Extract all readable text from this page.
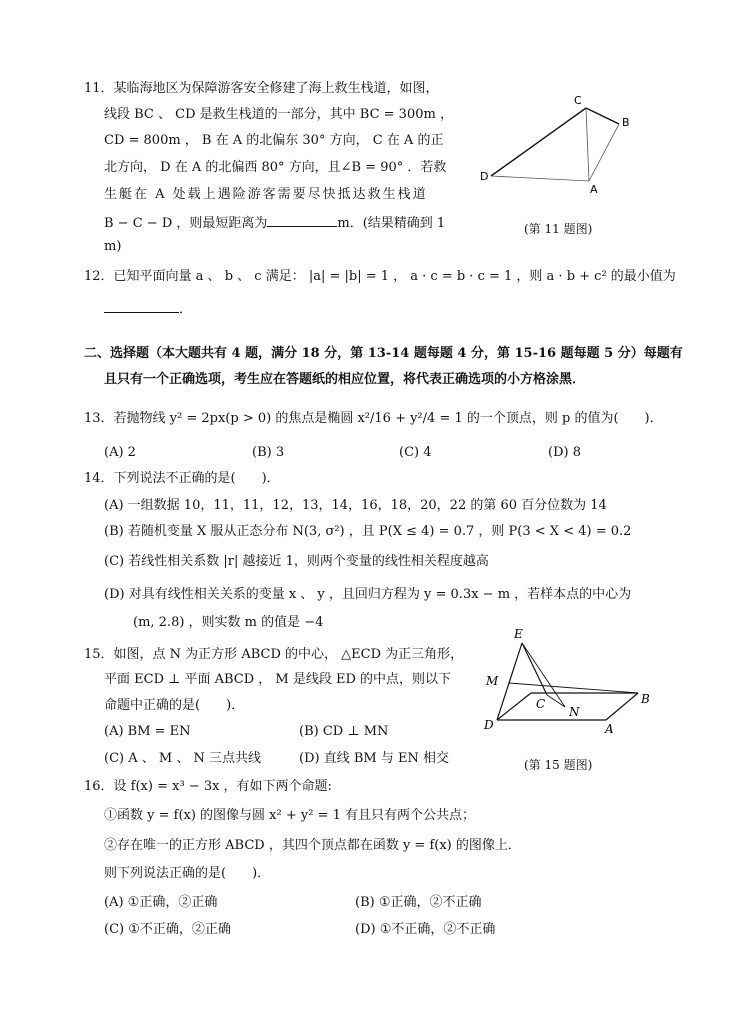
11．某临海地区为保障游客安全修建了海上救生栈道，如图，
线段 BC 、 CD 是救生栈道的一部分，其中 BC = 300m ，
CD = 800m ， B 在 A 的北偏东 30° 方向， C 在 A 的正
北方向， D 在 A 的北偏西 80° 方向，且∠B = 90° ．若救
生艇在 A 处载上遇险游客需要尽快抵达救生栈道
B − C − D ，则最短距离为	m．(结果精确到 1
m)
C
B
D
A
(第 11 题图)
12．已知平面向量 a 、 b 、 c 满足： |a| = |b| = 1 ， a · c = b · c = 1 ，则 a · b + c² 的最小值为
．
二、选择题（本大题共有 4 题，满分 18 分，第 13-14 题每题 4 分，第 15-16 题每题 5 分）每题有
且只有一个正确选项，考生应在答题纸的相应位置，将代表正确选项的小方格涂黑．
13．若抛物线 y² = 2px(p > 0) 的焦点是椭圆 x²/16 + y²/4 = 1 的一个顶点，则 p 的值为(　　)．
(A) 2	(B) 3	(C) 4	(D) 8
14．下列说法不正确的是(　　)．
(A) 一组数据 10，11，11，12，13，14，16，18，20，22 的第 60 百分位数为 14
(B) 若随机变量 X 服从正态分布 N(3, σ²) ，且 P(X ≤ 4) = 0.7 ，则 P(3 < X < 4) = 0.2
(C) 若线性相关系数 |r| 越接近 1，则两个变量的线性相关程度越高
(D) 对具有线性相关关系的变量 x 、 y ，且回归方程为 y = 0.3x − m ，若样本点的中心为
(m, 2.8) ，则实数 m 的值是 −4
15．如图，点 N 为正方形 ABCD 的中心， △ECD 为正三角形，
平面 ECD ⊥ 平面 ABCD ， M 是线段 ED 的中点，则以下
命题中正确的是(　　)．
(A) BM = EN	(B) CD ⊥ MN
(C) A 、 M 、 N 三点共线	(D) 直线 BM 与 EN 相交
E
M
B
C
N
D	A
(第 15 题图)
16．设 f(x) = x³ − 3x ，有如下两个命题:
①函数 y = f(x) 的图像与圆 x² + y² = 1 有且只有两个公共点；
②存在唯一的正方形 ABCD ，其四个顶点都在函数 y = f(x) 的图像上．
则下列说法正确的是(　　)．
(A) ①正确，②正确	(B) ①正确，②不正确
(C) ①不正确，②正确	(D) ①不正确，②不正确
